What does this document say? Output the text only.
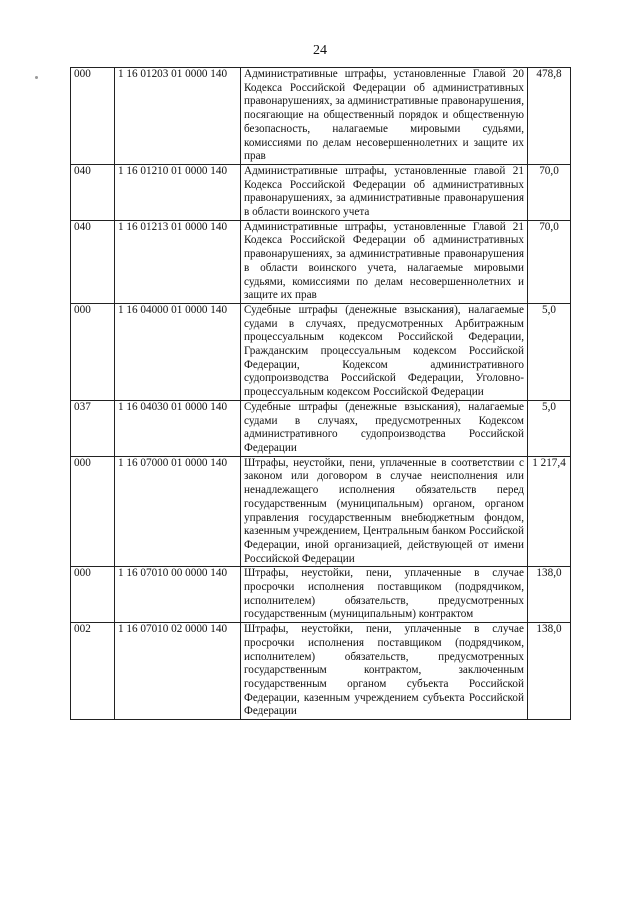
24
000	1 16 01203 01 0000 140	Административные штрафы, установленные Главой 20 Кодекса Российской Федерации об административных правонарушениях, за административные правонарушения, посягающие на общественный порядок и общественную безопасность, налагаемые мировыми судьями, комиссиями по делам несовершеннолетних и защите их прав	478,8
040	1 16 01210 01 0000 140	Административные штрафы, установленные главой 21 Кодекса Российской Федерации об административных правонарушениях, за административные правонарушения в области воинского учета	70,0
040	1 16 01213 01 0000 140	Административные штрафы, установленные Главой 21 Кодекса Российской Федерации об административных правонарушениях, за административные правонарушения в области воинского учета, налагаемые мировыми судьями, комиссиями по делам несовершеннолетних и защите их прав	70,0
000	1 16 04000 01 0000 140	Судебные штрафы (денежные взыскания), налагаемые судами в случаях, предусмотренных Арбитражным процессуальным кодексом Российской Федерации, Гражданским процессуальным кодексом Российской Федерации, Кодексом административного судопроизводства Российской Федерации, Уголовно-процессуальным кодексом Российской Федерации	5,0
037	1 16 04030 01 0000 140	Судебные штрафы (денежные взыскания), налагаемые судами в случаях, предусмотренных Кодексом административного судопроизводства Российской Федерации	5,0
000	1 16 07000 01 0000 140	Штрафы, неустойки, пени, уплаченные в соответствии с законом или договором в случае неисполнения или ненадлежащего исполнения обязательств перед государственным (муниципальным) органом, органом управления государственным внебюджетным фондом, казенным учреждением, Центральным банком Российской Федерации, иной организацией, действующей от имени Российской Федерации	1 217,4
000	1 16 07010 00 0000 140	Штрафы, неустойки, пени, уплаченные в случае просрочки исполнения поставщиком (подрядчиком, исполнителем) обязательств, предусмотренных государственным (муниципальным) контрактом	138,0
002	1 16 07010 02 0000 140	Штрафы, неустойки, пени, уплаченные в случае просрочки исполнения поставщиком (подрядчиком, исполнителем) обязательств, предусмотренных государственным контрактом, заключенным государственным органом субъекта Российской Федерации, казенным учреждением субъекта Российской Федерации	138,0
